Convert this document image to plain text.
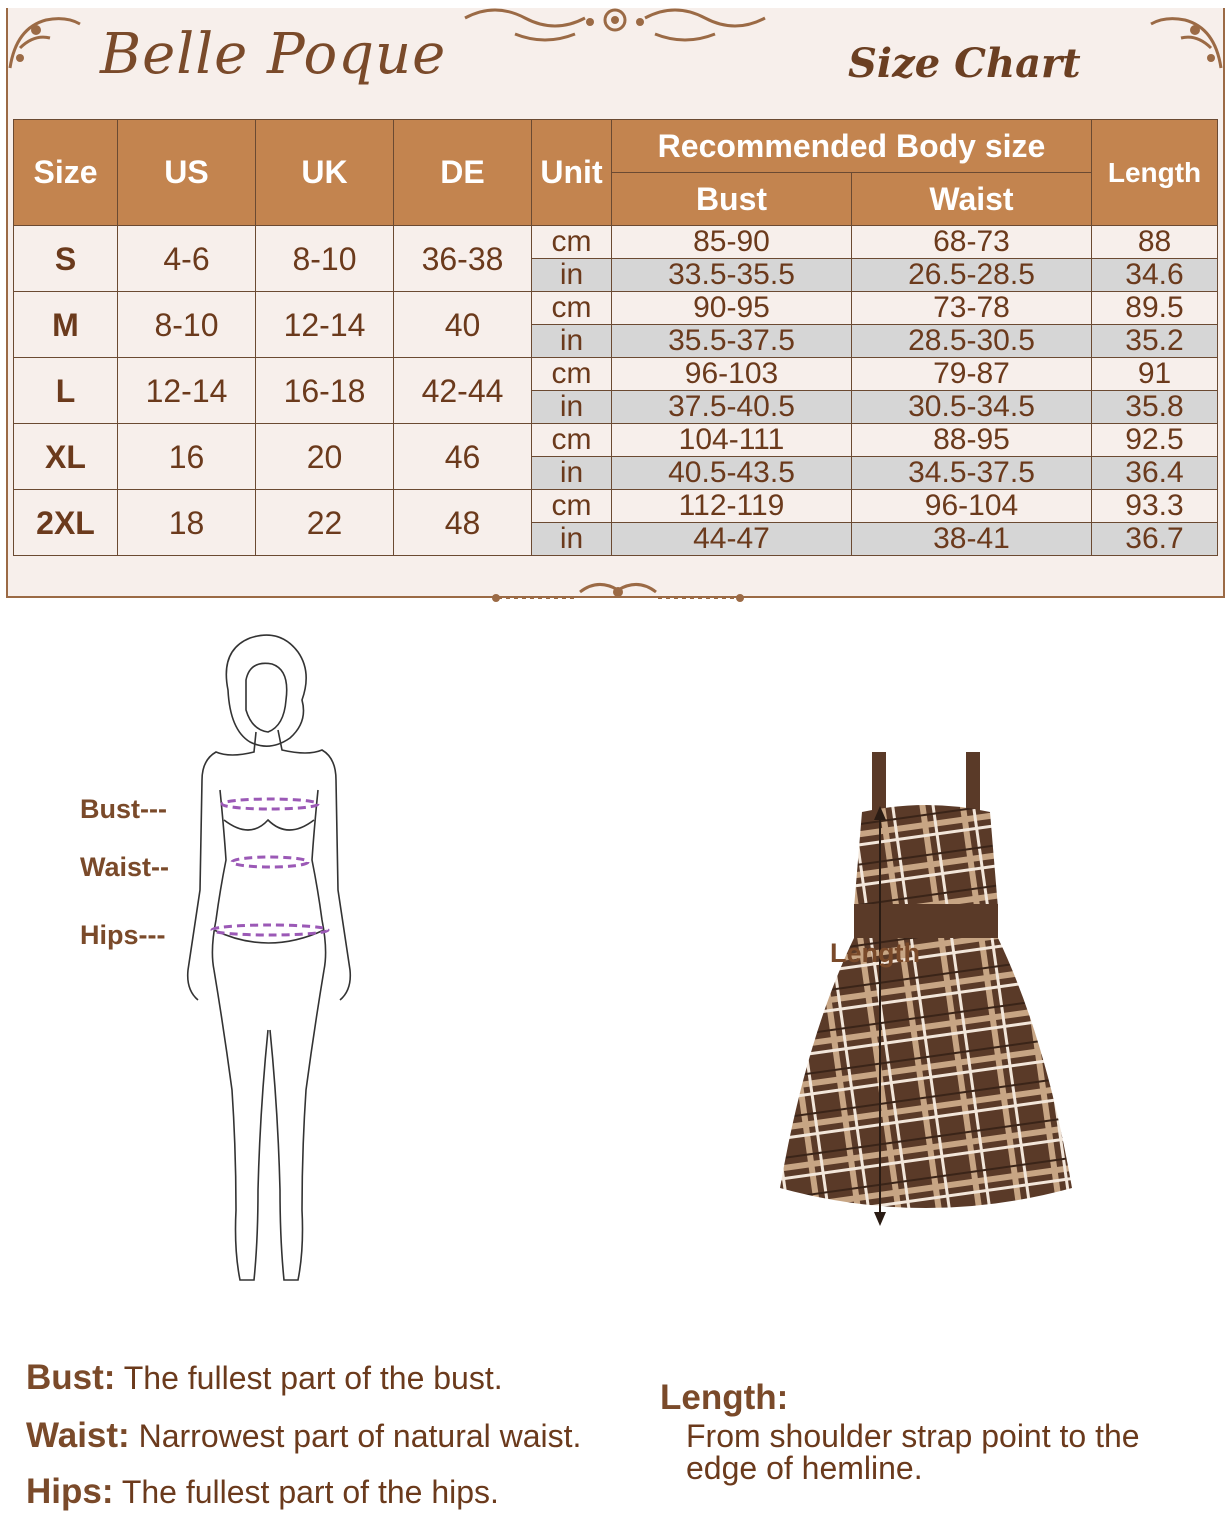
Belle Poque	Size Chart
Size	US	UK	DE	Unit	Recommended Body size		Length
					Bust	Waist	
S	4-6	8-10	36-38	cm	85-90	68-73	88
				in	33.5-35.5	26.5-28.5	34.6
M	8-10	12-14	40	cm	90-95	73-78	89.5
				in	35.5-37.5	28.5-30.5	35.2
L	12-14	16-18	42-44	cm	96-103	79-87	91
				in	37.5-40.5	30.5-34.5	35.8
XL	16	20	46	cm	104-111	88-95	92.5
				in	40.5-43.5	34.5-37.5	36.4
2XL	18	22	48	cm	112-119	96-104	93.3
				in	44-47	38-41	36.7
Bust---
Waist--
Hips---
Length
Bust: The fullest part of the bust.
Waist: Narrowest part of natural waist.
Hips: The fullest part of the hips.
Length:
From shoulder strap point to the edge of hemline.
